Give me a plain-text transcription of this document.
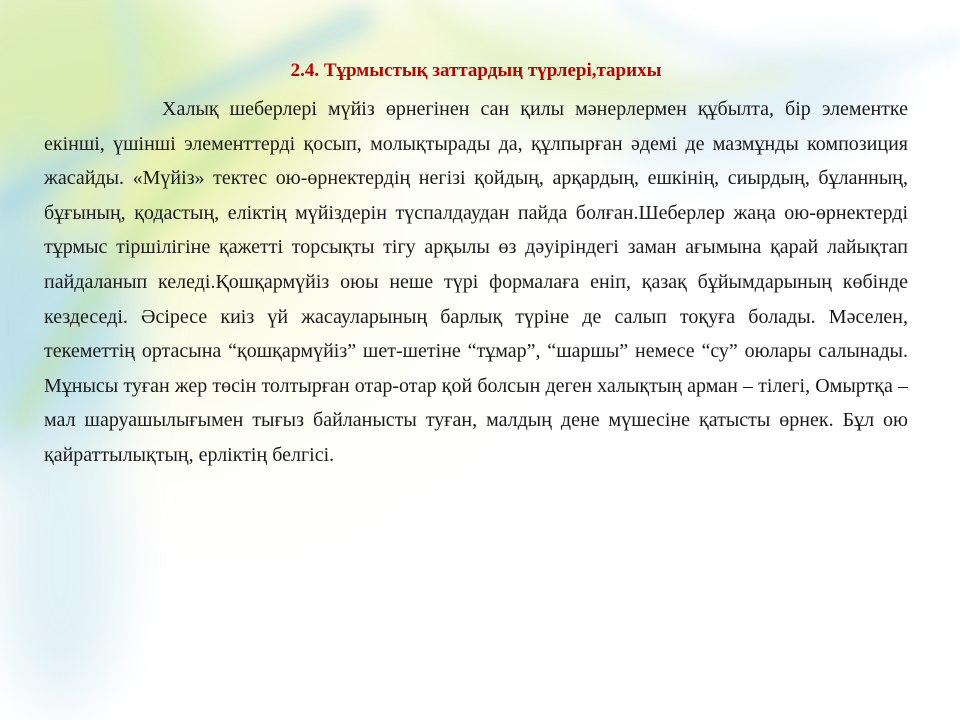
2.4. Тұрмыстық заттардың түрлері,тарихы

Халық шеберлері мүйіз өрнегінен сан қилы мәнерлермен құбылта, бір элементке екінші, үшінші элементтерді қосып, молықтырады да, құлпырған әдемі де мазмұнды композиция жасайды. «Мүйіз» тектес ою-өрнектердің негізі қойдың, арқардың, ешкінің, сиырдың, бұланның, бұғының, қодастың, еліктің мүйіздерін түспалдаудан пайда болған.Шеберлер жаңа ою-өрнектерді тұрмыс тіршілігіне қажетті торсықты тігу арқылы өз дәуіріндегі заман ағымына қарай лайықтап пайдаланып келеді.Қошқармүйіз оюы неше түрі формалаға еніп, қазақ бұйымдарының көбінде кездеседі. Әсіресе киіз үй жасауларының барлық түріне де салып тоқуға болады. Мәселен, текеметтің ортасына “қошқармүйіз” шет-шетіне “тұмар”, “шаршы” немесе “су” оюлары салынады. Мұнысы туған жер төсін толтырған отар-отар қой болсын деген халықтың арман – тілегі, Омыртқа – мал шаруашылығымен тығыз байланысты туған, малдың дене мүшесіне қатысты өрнек. Бұл ою қайраттылықтың, ерліктің белгісі.
